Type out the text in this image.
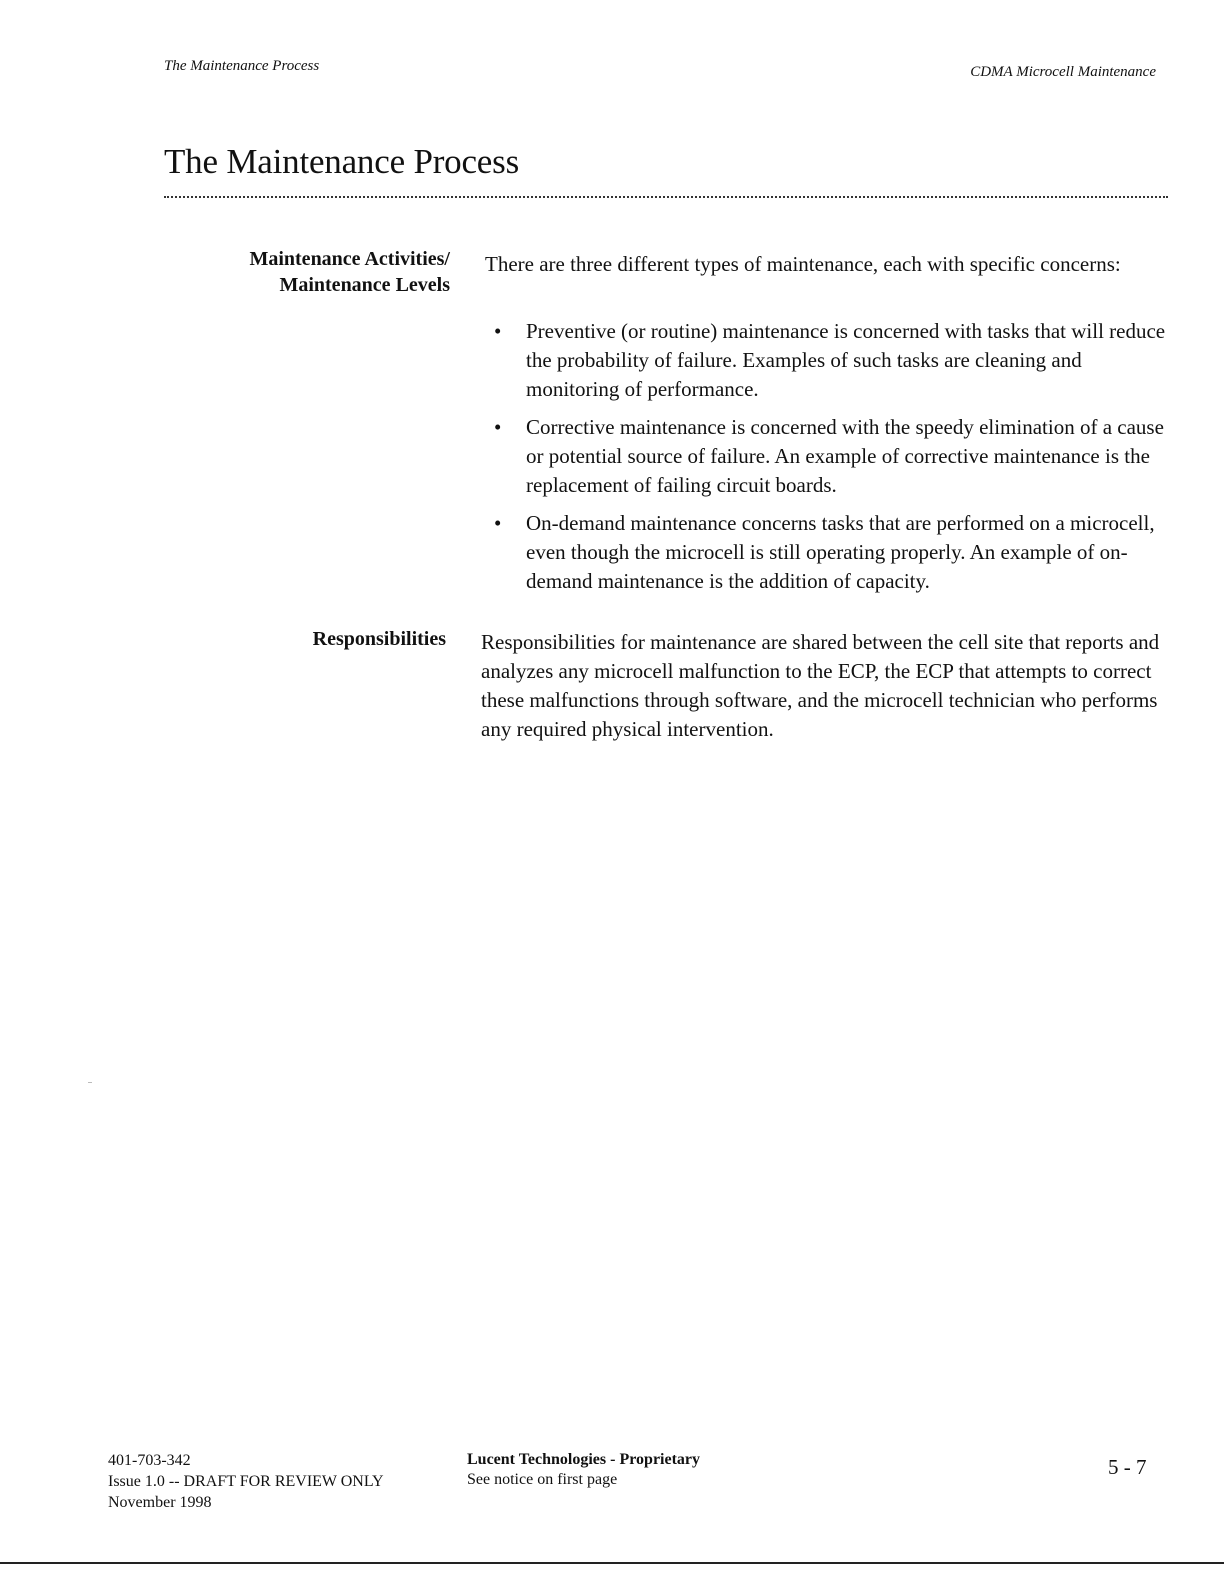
The Maintenance Process	CDMA Microcell Maintenance
The Maintenance Process
Maintenance Activities/
Maintenance Levels

There are three different types of maintenance, each with specific concerns:

• Preventive (or routine) maintenance is concerned with tasks that will reduce the probability of failure. Examples of such tasks are cleaning and monitoring of performance.
• Corrective maintenance is concerned with the speedy elimination of a cause or potential source of failure. An example of corrective maintenance is the replacement of failing circuit boards.
• On-demand maintenance concerns tasks that are performed on a microcell, even though the microcell is still operating properly. An example of on-demand maintenance is the addition of capacity.
Responsibilities Responsibilities for maintenance are shared between the cell site that reports and analyzes any microcell malfunction to the ECP, the ECP that attempts to correct these malfunctions through software, and the microcell technician who performs any required physical intervention.

401-703-342
Issue 1.0 -- DRAFT FOR REVIEW ONLY
November 1998
Lucent Technologies - Proprietary
See notice on first page
5 - 7
